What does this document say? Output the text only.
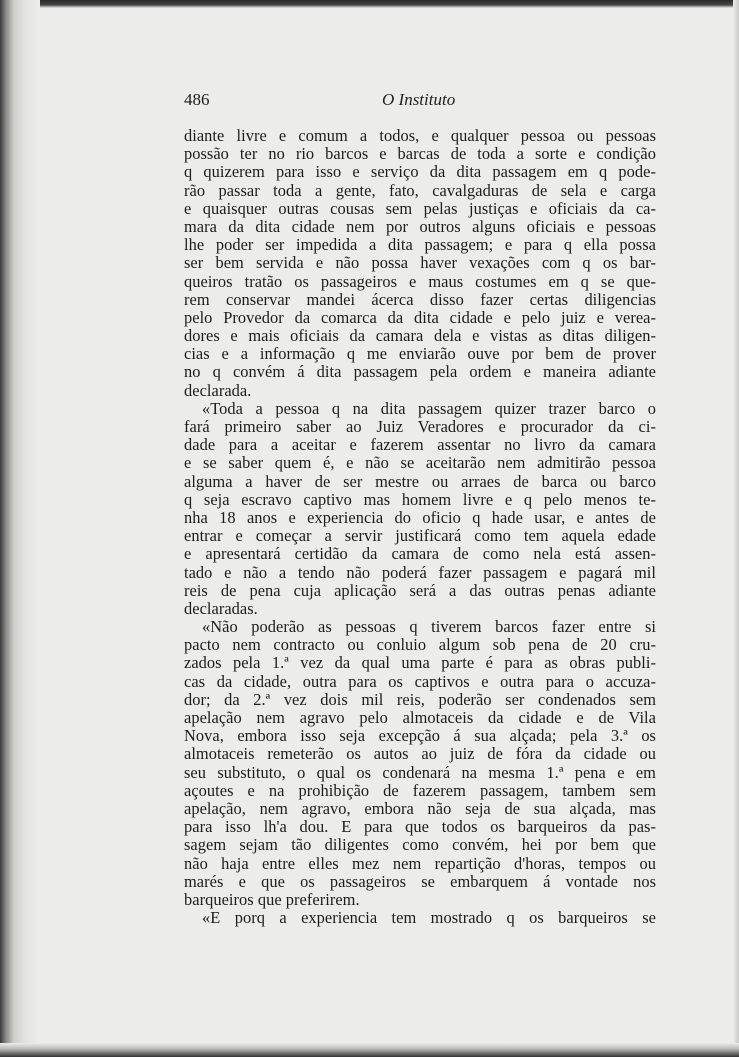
486	O Instituto
diante livre e comum a todos, e qualquer pessoa ou pessoas
possão ter no rio barcos e barcas de toda a sorte e condição
q quizerem para isso e serviço da dita passagem em q pode-
rão passar toda a gente, fato, cavalgaduras de sela e carga
e quaisquer outras cousas sem pelas justiças e oficiais da ca-
mara da dita cidade nem por outros alguns oficiais e pessoas
lhe poder ser impedida a dita passagem; e para q ella possa
ser bem servida e não possa haver vexações com q os bar-
queiros tratão os passageiros e maus costumes em q se que-
rem conservar mandei ácerca disso fazer certas diligencias
pelo Provedor da comarca da dita cidade e pelo juiz e verea-
dores e mais oficiais da camara dela e vistas as ditas diligen-
cias e a informação q me enviarão ouve por bem de prover
no q convém á dita passagem pela ordem e maneira adiante
declarada.
«Toda a pessoa q na dita passagem quizer trazer barco o
fará primeiro saber ao Juiz Veradores e procurador da ci-
dade para a aceitar e fazerem assentar no livro da camara
e se saber quem é, e não se aceitarão nem admitirão pessoa
alguma a haver de ser mestre ou arraes de barca ou barco
q seja escravo captivo mas homem livre e q pelo menos te-
nha 18 anos e experiencia do oficio q hade usar, e antes de
entrar e começar a servir justificará como tem aquela edade
e apresentará certidão da camara de como nela está assen-
tado e não a tendo não poderá fazer passagem e pagará mil
reis de pena cuja aplicação será a das outras penas adiante
declaradas.
«Não poderão as pessoas q tiverem barcos fazer entre si
pacto nem contracto ou conluio algum sob pena de 20 cru-
zados pela 1.ª vez da qual uma parte é para as obras publi-
cas da cidade, outra para os captivos e outra para o accuza-
dor; da 2.ª vez dois mil reis, poderão ser condenados sem
apelação nem agravo pelo almotaceis da cidade e de Vila
Nova, embora isso seja excepção á sua alçada; pela 3.ª os
almotaceis remeterão os autos ao juiz de fóra da cidade ou
seu substituto, o qual os condenará na mesma 1.ª pena e em
açoutes e na prohibição de fazerem passagem, tambem sem
apelação, nem agravo, embora não seja de sua alçada, mas
para isso lh'a dou. E para que todos os barqueiros da pas-
sagem sejam tão diligentes como convém, hei por bem que
não haja entre elles mez nem repartição d'horas, tempos ou
marés e que os passageiros se embarquem á vontade nos
barqueiros que preferirem.
«E porq a experiencia tem mostrado q os barqueiros se
